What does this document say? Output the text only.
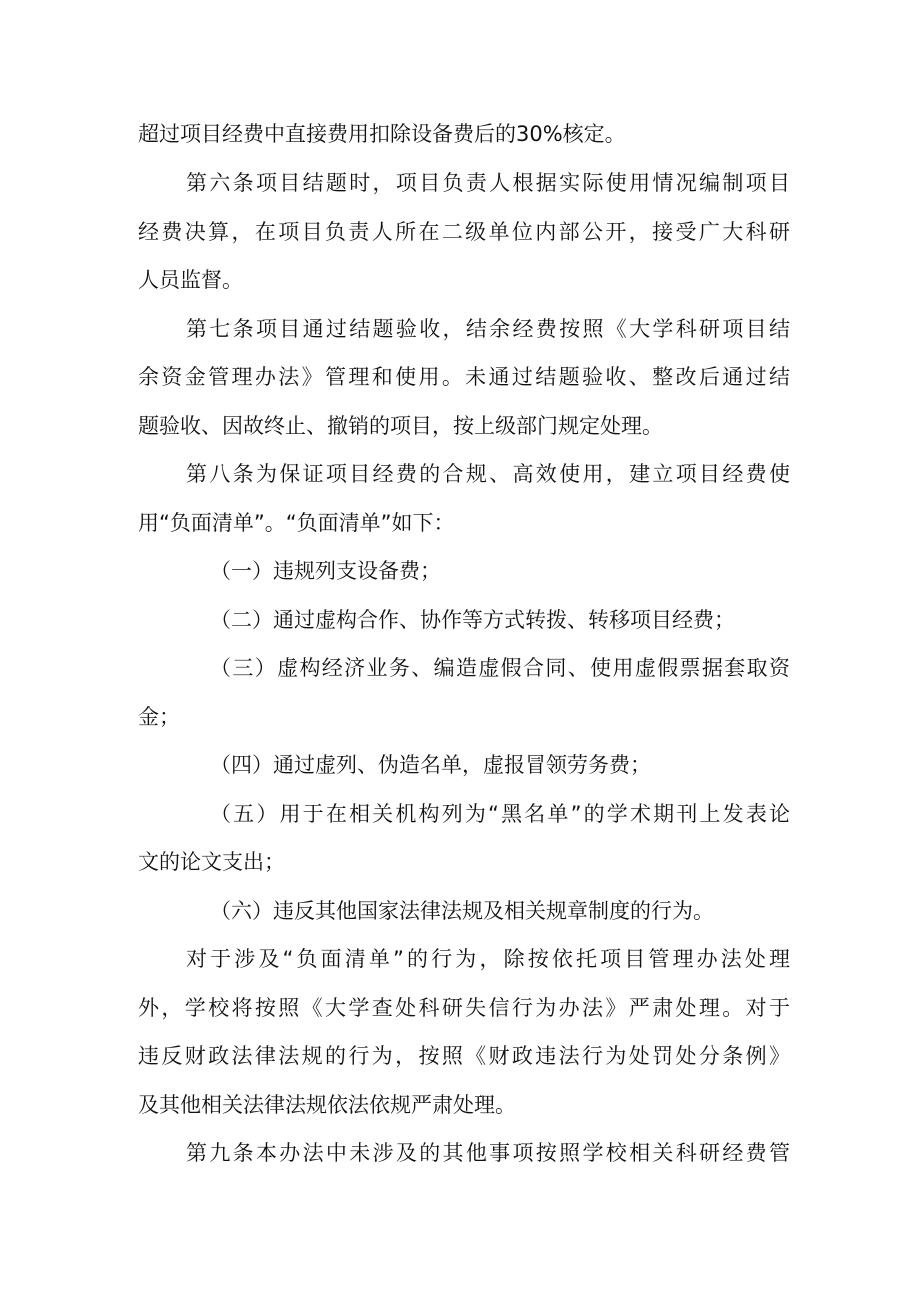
超过项目经费中直接费用扣除设备费后的30%核定。
第六条项目结题时，项目负责人根据实际使用情况编制项目
经费决算，在项目负责人所在二级单位内部公开，接受广大科研
人员监督。
第七条项目通过结题验收，结余经费按照《大学科研项目结
余资金管理办法》管理和使用。未通过结题验收、整改后通过结
题验收、因故终止、撤销的项目，按上级部门规定处理。
第八条为保证项目经费的合规、高效使用，建立项目经费使
用“负面清单”。“负面清单”如下：
（一）违规列支设备费；
（二）通过虚构合作、协作等方式转拨、转移项目经费；
（三）虚构经济业务、编造虚假合同、使用虚假票据套取资
金；
（四）通过虚列、伪造名单，虚报冒领劳务费；
（五）用于在相关机构列为“黑名单”的学术期刊上发表论
文的论文支出；
（六）违反其他国家法律法规及相关规章制度的行为。
对于涉及“负面清单”的行为，除按依托项目管理办法处理
外，学校将按照《大学查处科研失信行为办法》严肃处理。对于
违反财政法律法规的行为，按照《财政违法行为处罚处分条例》
及其他相关法律法规依法依规严肃处理。
第九条本办法中未涉及的其他事项按照学校相关科研经费管
